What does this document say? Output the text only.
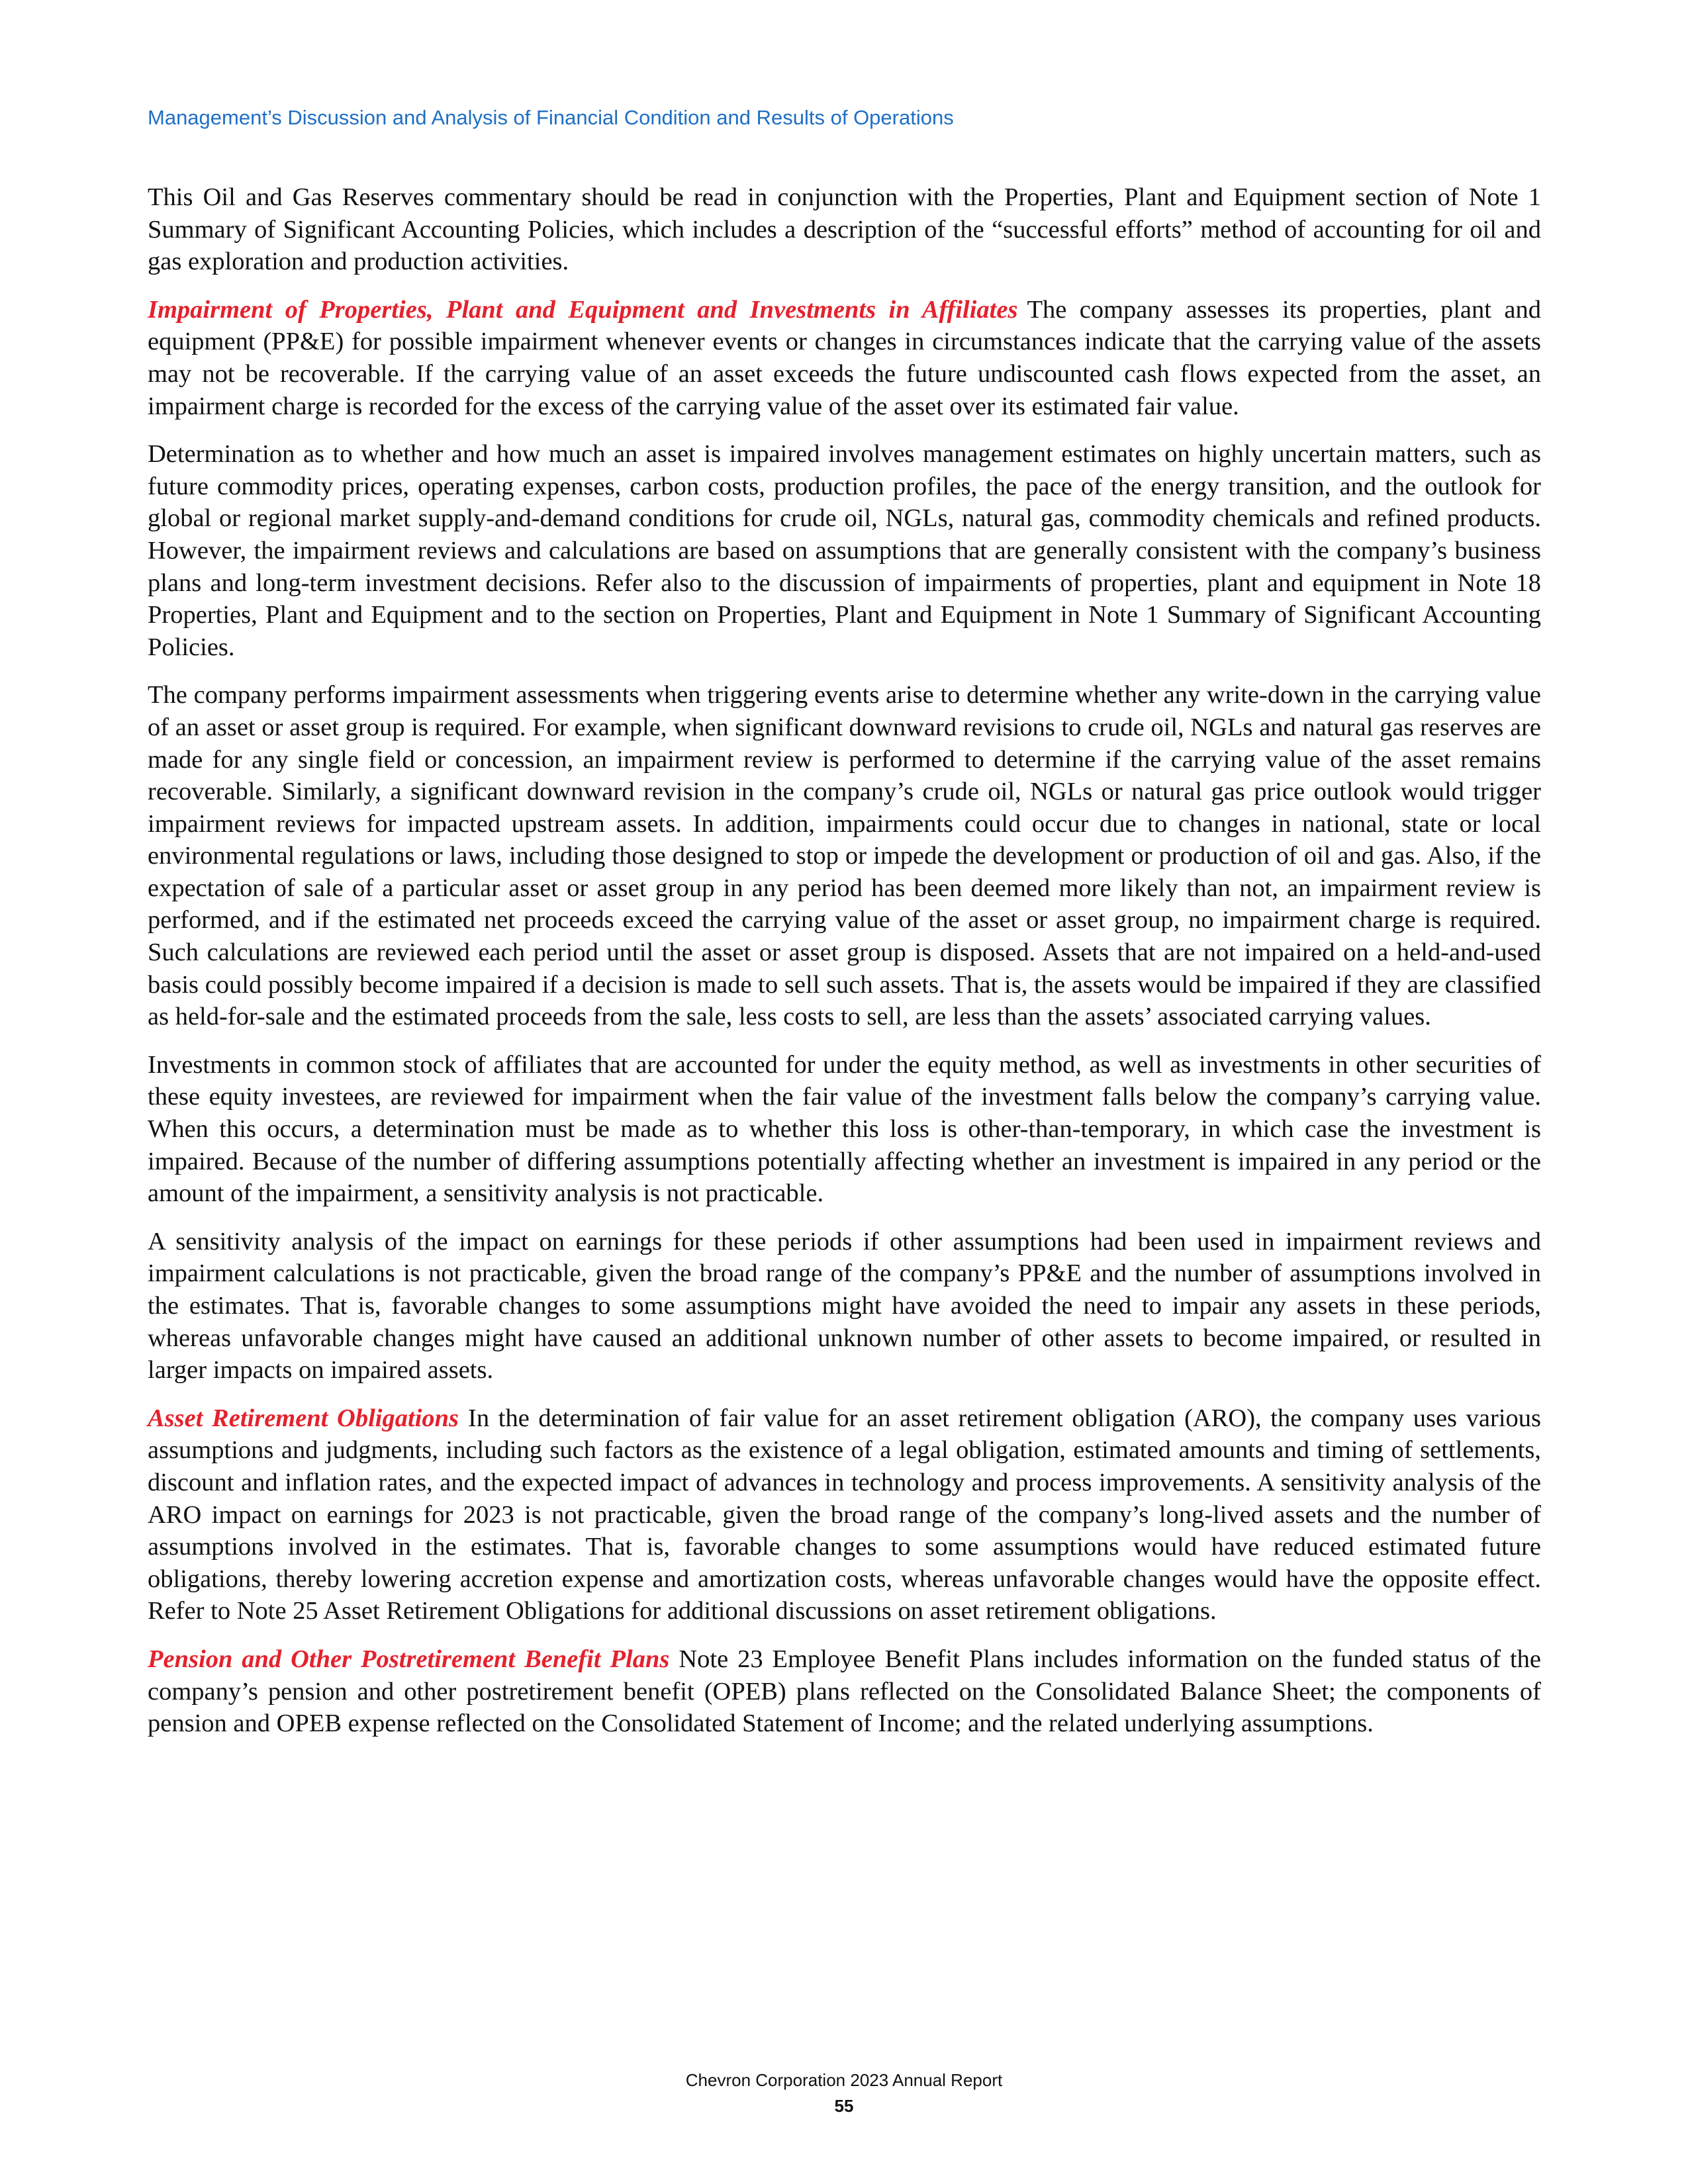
Management’s Discussion and Analysis of Financial Condition and Results of Operations

This Oil and Gas Reserves commentary should be read in conjunction with the Properties, Plant and Equipment section of Note 1 Summary of Significant Accounting Policies, which includes a description of the “successful efforts” method of accounting for oil and gas exploration and production activities.

Impairment of Properties, Plant and Equipment and Investments in Affiliates The company assesses its properties, plant and equipment (PP&E) for possible impairment whenever events or changes in circumstances indicate that the carrying value of the assets may not be recoverable. If the carrying value of an asset exceeds the future undiscounted cash flows expected from the asset, an impairment charge is recorded for the excess of the carrying value of the asset over its estimated fair value.

Determination as to whether and how much an asset is impaired involves management estimates on highly uncertain matters, such as future commodity prices, operating expenses, carbon costs, production profiles, the pace of the energy transition, and the outlook for global or regional market supply-and-demand conditions for crude oil, NGLs, natural gas, commodity chemicals and refined products. However, the impairment reviews and calculations are based on assumptions that are generally consistent with the company’s business plans and long-term investment decisions. Refer also to the discussion of impairments of properties, plant and equipment in Note 18 Properties, Plant and Equipment and to the section on Properties, Plant and Equipment in Note 1 Summary of Significant Accounting Policies.

The company performs impairment assessments when triggering events arise to determine whether any write-down in the carrying value of an asset or asset group is required. For example, when significant downward revisions to crude oil, NGLs and natural gas reserves are made for any single field or concession, an impairment review is performed to determine if the carrying value of the asset remains recoverable. Similarly, a significant downward revision in the company’s crude oil, NGLs or natural gas price outlook would trigger impairment reviews for impacted upstream assets. In addition, impairments could occur due to changes in national, state or local environmental regulations or laws, including those designed to stop or impede the development or production of oil and gas. Also, if the expectation of sale of a particular asset or asset group in any period has been deemed more likely than not, an impairment review is performed, and if the estimated net proceeds exceed the carrying value of the asset or asset group, no impairment charge is required. Such calculations are reviewed each period until the asset or asset group is disposed. Assets that are not impaired on a held-and-used basis could possibly become impaired if a decision is made to sell such assets. That is, the assets would be impaired if they are classified as held-for-sale and the estimated proceeds from the sale, less costs to sell, are less than the assets’ associated carrying values.

Investments in common stock of affiliates that are accounted for under the equity method, as well as investments in other securities of these equity investees, are reviewed for impairment when the fair value of the investment falls below the company’s carrying value. When this occurs, a determination must be made as to whether this loss is other-than-temporary, in which case the investment is impaired. Because of the number of differing assumptions potentially affecting whether an investment is impaired in any period or the amount of the impairment, a sensitivity analysis is not practicable.

A sensitivity analysis of the impact on earnings for these periods if other assumptions had been used in impairment reviews and impairment calculations is not practicable, given the broad range of the company’s PP&E and the number of assumptions involved in the estimates. That is, favorable changes to some assumptions might have avoided the need to impair any assets in these periods, whereas unfavorable changes might have caused an additional unknown number of other assets to become impaired, or resulted in larger impacts on impaired assets.

Asset Retirement Obligations In the determination of fair value for an asset retirement obligation (ARO), the company uses various assumptions and judgments, including such factors as the existence of a legal obligation, estimated amounts and timing of settlements, discount and inflation rates, and the expected impact of advances in technology and process improvements. A sensitivity analysis of the ARO impact on earnings for 2023 is not practicable, given the broad range of the company’s long-lived assets and the number of assumptions involved in the estimates. That is, favorable changes to some assumptions would have reduced estimated future obligations, thereby lowering accretion expense and amortization costs, whereas unfavorable changes would have the opposite effect. Refer to Note 25 Asset Retirement Obligations for additional discussions on asset retirement obligations.

Pension and Other Postretirement Benefit Plans Note 23 Employee Benefit Plans includes information on the funded status of the company’s pension and other postretirement benefit (OPEB) plans reflected on the Consolidated Balance Sheet; the components of pension and OPEB expense reflected on the Consolidated Statement of Income; and the related underlying assumptions.

Chevron Corporation 2023 Annual Report
55
